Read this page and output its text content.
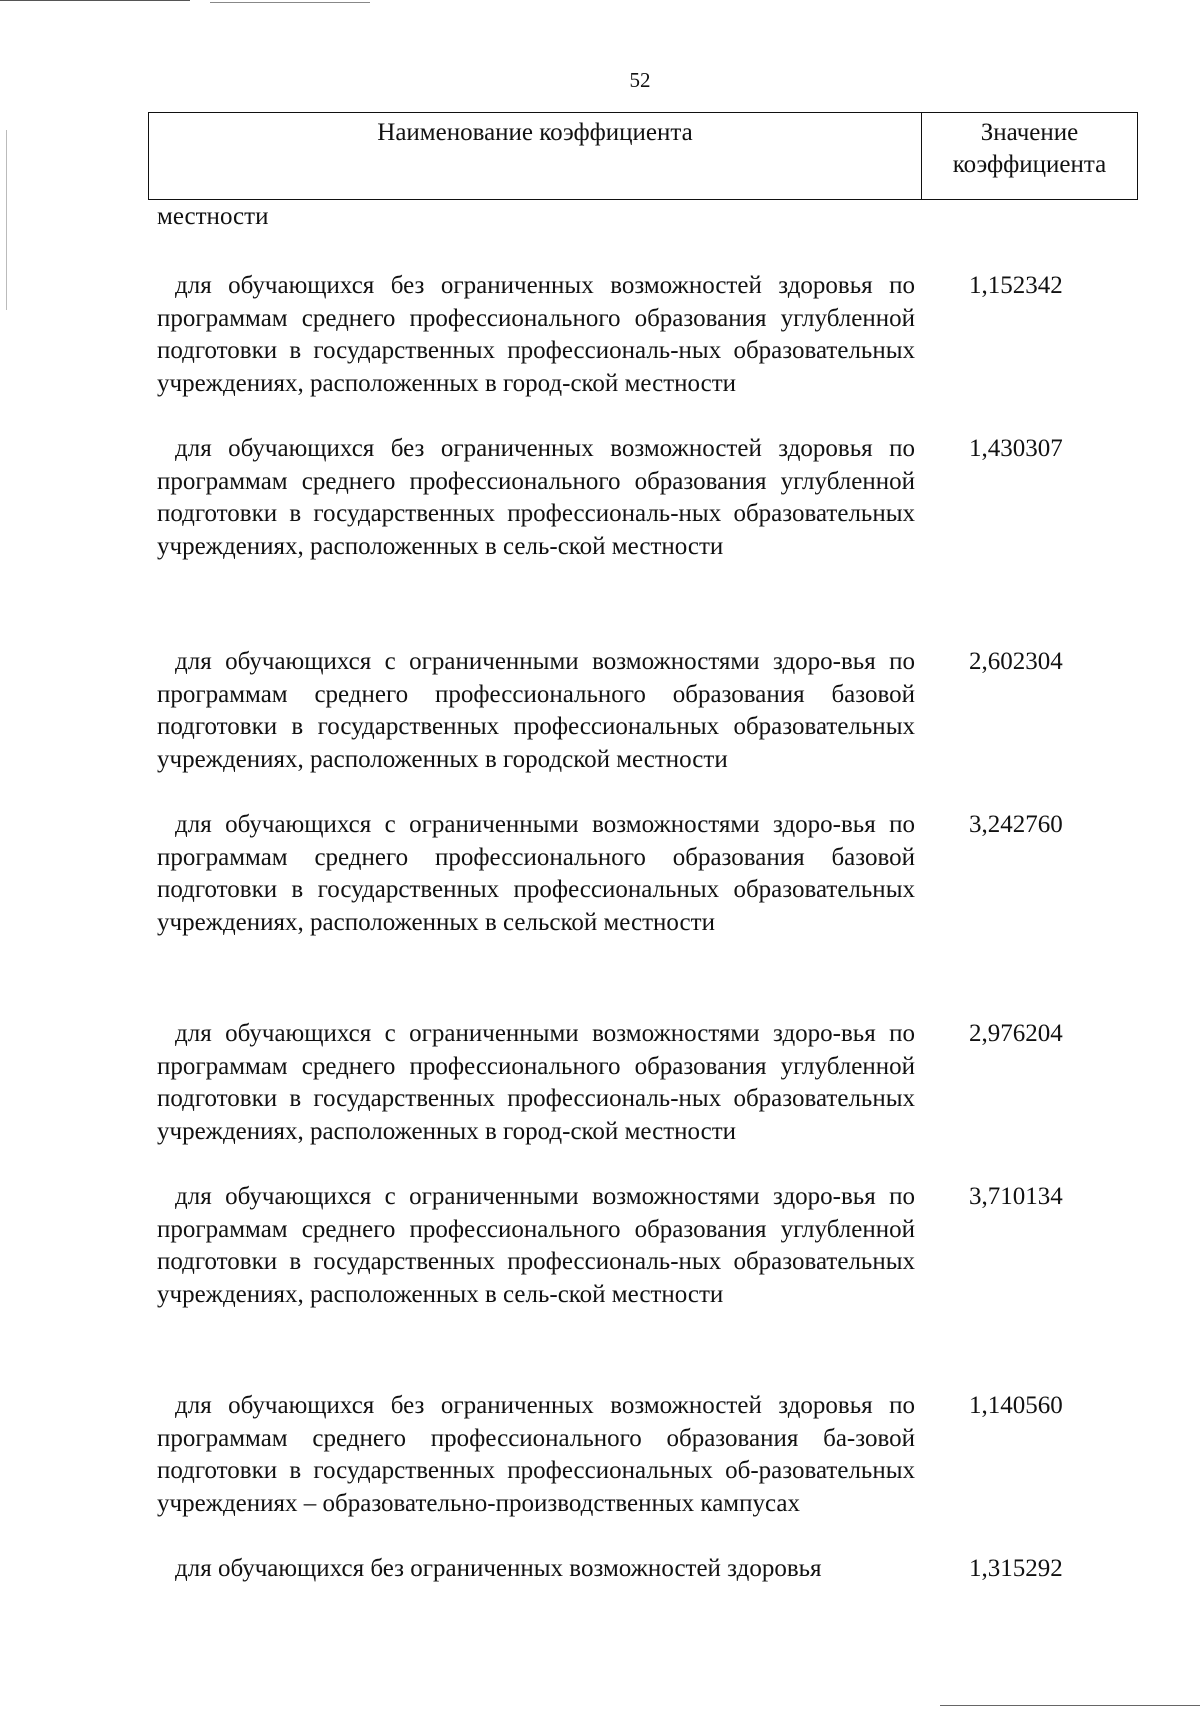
52
Наименование коэффициента	Значение
коэффициента
местности
для обучающихся без ограниченных возможностей здоровья по программам среднего профессионального образования углубленной подготовки в государственных профессиональ-ных образовательных учреждениях, расположенных в город-ской местности
1,152342
для обучающихся без ограниченных возможностей здоровья по программам среднего профессионального образования углубленной подготовки в государственных профессиональ-ных образовательных учреждениях, расположенных в сель-ской местности
1,430307
для обучающихся с ограниченными возможностями здоро-вья по программам среднего профессионального образования базовой подготовки в государственных профессиональных образовательных учреждениях, расположенных в городской местности
2,602304
для обучающихся с ограниченными возможностями здоро-вья по программам среднего профессионального образования базовой подготовки в государственных профессиональных образовательных учреждениях, расположенных в сельской местности
3,242760
для обучающихся с ограниченными возможностями здоро-вья по программам среднего профессионального образования углубленной подготовки в государственных профессиональ-ных образовательных учреждениях, расположенных в город-ской местности
2,976204
для обучающихся с ограниченными возможностями здоро-вья по программам среднего профессионального образования углубленной подготовки в государственных профессиональ-ных образовательных учреждениях, расположенных в сель-ской местности
3,710134
для обучающихся без ограниченных возможностей здоровья по программам среднего профессионального образования ба-зовой подготовки в государственных профессиональных об-разовательных учреждениях – образовательно-производственных кампусах
1,140560
для обучающихся без ограниченных возможностей здоровья	1,315292
